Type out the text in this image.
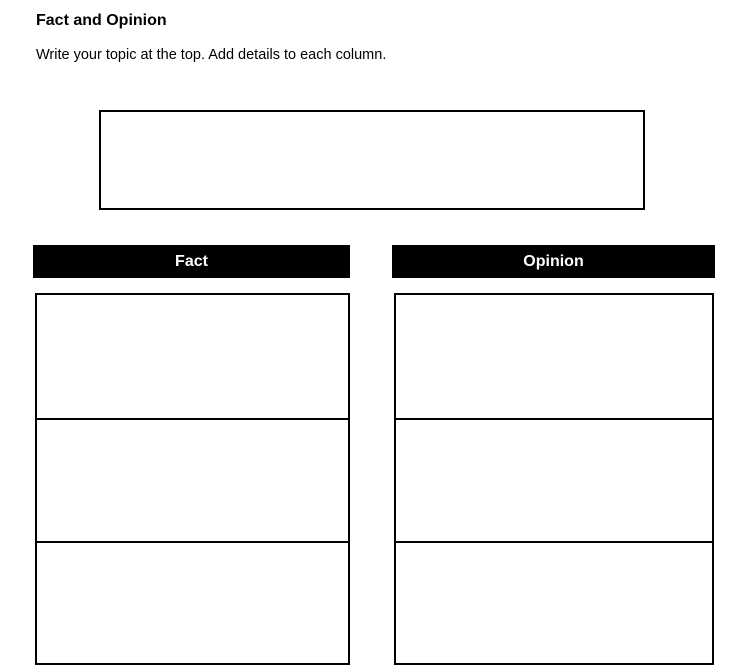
Fact and Opinion
Write your topic at the top. Add details to each column.
Fact	Opinion
